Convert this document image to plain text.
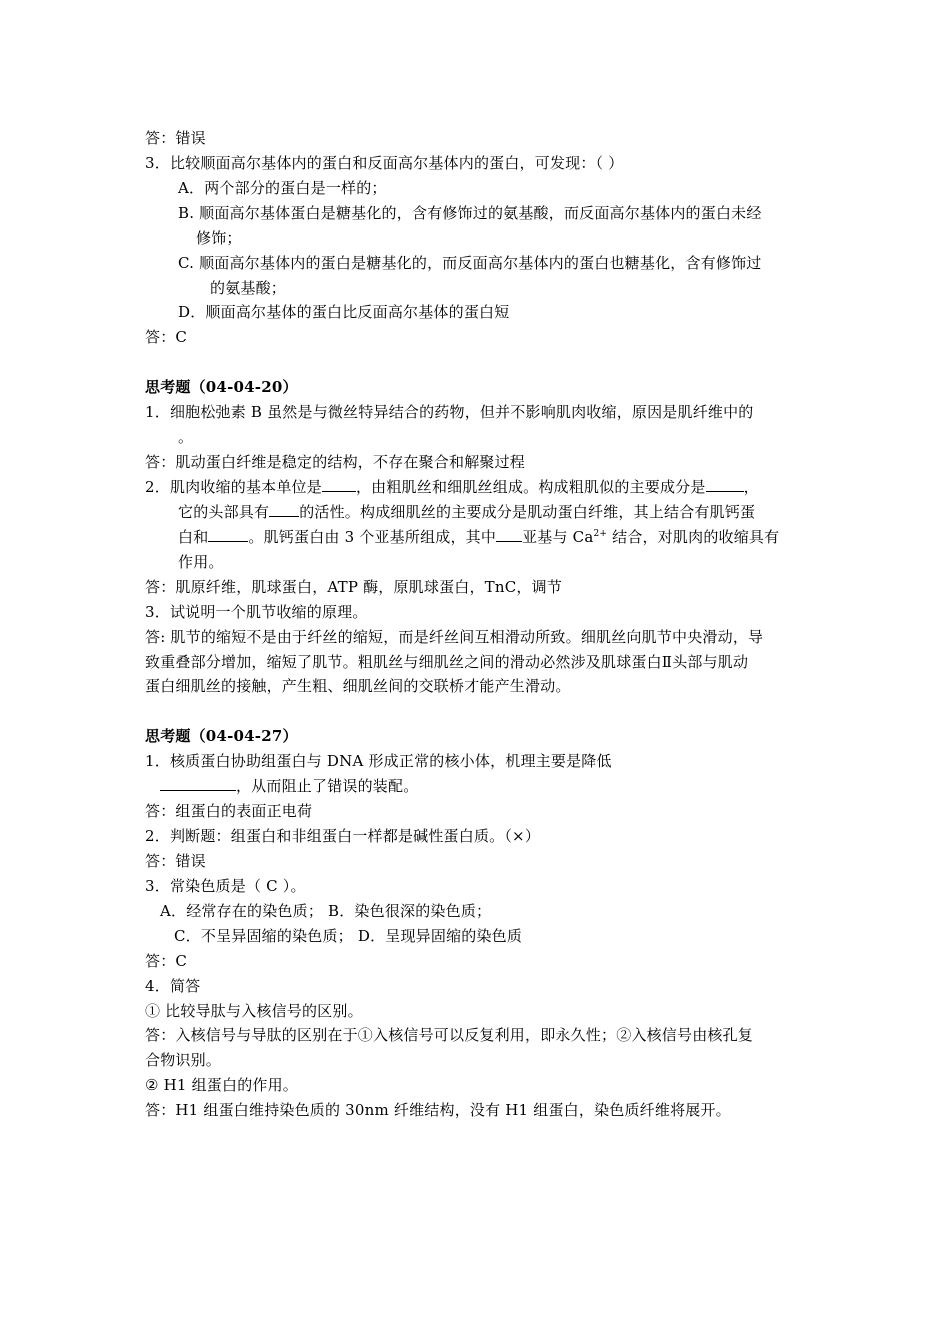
答：错误
3．比较顺面高尔基体内的蛋白和反面高尔基体内的蛋白，可发现：（ ）
A．两个部分的蛋白是一样的；
B. 顺面高尔基体蛋白是糖基化的，含有修饰过的氨基酸，而反面高尔基体内的蛋白未经
修饰；
C. 顺面高尔基体内的蛋白是糖基化的，而反面高尔基体内的蛋白也糖基化，含有修饰过
的氨基酸；
D．顺面高尔基体的蛋白比反面高尔基体的蛋白短
答：C
思考题（04-04-20）
1．细胞松弛素 B 虽然是与微丝特异结合的药物，但并不影响肌肉收缩，原因是肌纤维中的
。
答：肌动蛋白纤维是稳定的结构，不存在聚合和解聚过程
2．肌肉收缩的基本单位是 ，由粗肌丝和细肌丝组成。构成粗肌似的主要成分是	，
它的头部具有 的活性。构成细肌丝的主要成分是肌动蛋白纤维，其上结合有肌钙蛋
白和	。肌钙蛋白由 3 个亚基所组成，其中 亚基与 $Ca^{2+}$ 结合，对肌肉的收缩具有
作用。
答：肌原纤维，肌球蛋白，ATP 酶，原肌球蛋白，TnC，调节
3．试说明一个肌节收缩的原理。
答: 肌节的缩短不是由于纤丝的缩短，而是纤丝间互相滑动所致。细肌丝向肌节中央滑动，导
致重叠部分增加，缩短了肌节。粗肌丝与细肌丝之间的滑动必然涉及肌球蛋白Ⅱ头部与肌动
蛋白细肌丝的接触，产生粗、细肌丝间的交联桥才能产生滑动。
思考题（04-04-27）
1．核质蛋白协助组蛋白与 DNA 形成正常的核小体，机理主要是降低
，从而阻止了错误的装配。
答：组蛋白的表面正电荷
2．判断题：组蛋白和非组蛋白一样都是碱性蛋白质。（×）
答：错误
3．常染色质是（ C ）。
A．经常存在的染色质； B．染色很深的染色质；
C．不呈异固缩的染色质； D．呈现异固缩的染色质
答：C
4．简答
① 比较导肽与入核信号的区别。
答：入核信号与导肽的区别在于①入核信号可以反复利用，即永久性；②入核信号由核孔复
合物识别。
② H1 组蛋白的作用。
答：H1 组蛋白维持染色质的 30nm 纤维结构，没有 H1 组蛋白，染色质纤维将展开。
